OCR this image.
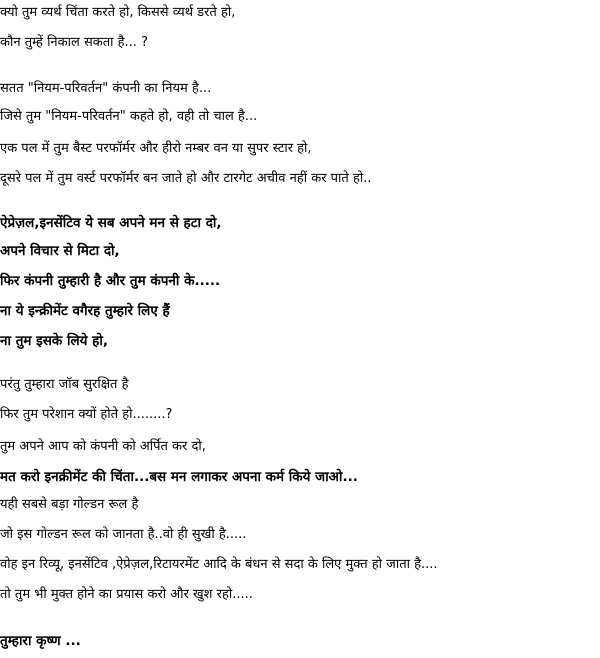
क्यो तुम व्यर्थ चिंता करते हो, किससे व्यर्थ डरते हो,
कौन तुम्हें निकाल सकता है... ?
सतत "नियम-परिवर्तन" कंपनी का नियम है...
जिसे तुम "नियम-परिवर्तन" कहते हो, वही तो चाल है...
एक पल में तुम बैस्ट परफॉर्मर और हीरो नम्बर वन या सुपर स्टार हो,
दूसरे पल में तुम वर्स्ट परफॉर्मर बन जाते हो और टारगेट अचीव नहीं कर पाते हो..
ऐप्रेज़ल,इनसेंटिव ये सब अपने मन से हटा दो,
अपने विचार से मिटा दो,
फिर कंपनी तुम्हारी है और तुम कंपनी के.....
ना ये इन्क्रीमेंट वगैरह तुम्हारे लिए हैं
ना तुम इसके लिये हो,
परंतु तुम्हारा जॉब सुरक्षित है
फिर तुम परेशान क्यों होते हो........?
तुम अपने आप को कंपनी को अर्पित कर दो,
मत करो इनक्रीमेंट की चिंता...बस मन लगाकर अपना कर्म किये जाओ...
यही सबसे बड़ा गोल्डन रूल है
जो इस गोल्डन रूल को जानता है..वो ही सुखी है.....
वोह इन रिव्यू, इनसेंटिव ,ऐप्रेज़ल,रिटायरमेंट आदि के बंधन से सदा के लिए मुक्त हो जाता है....
तो तुम भी मुक्त होने का प्रयास करो और खुश रहो.....
तुम्हारा कृष्ण ...
